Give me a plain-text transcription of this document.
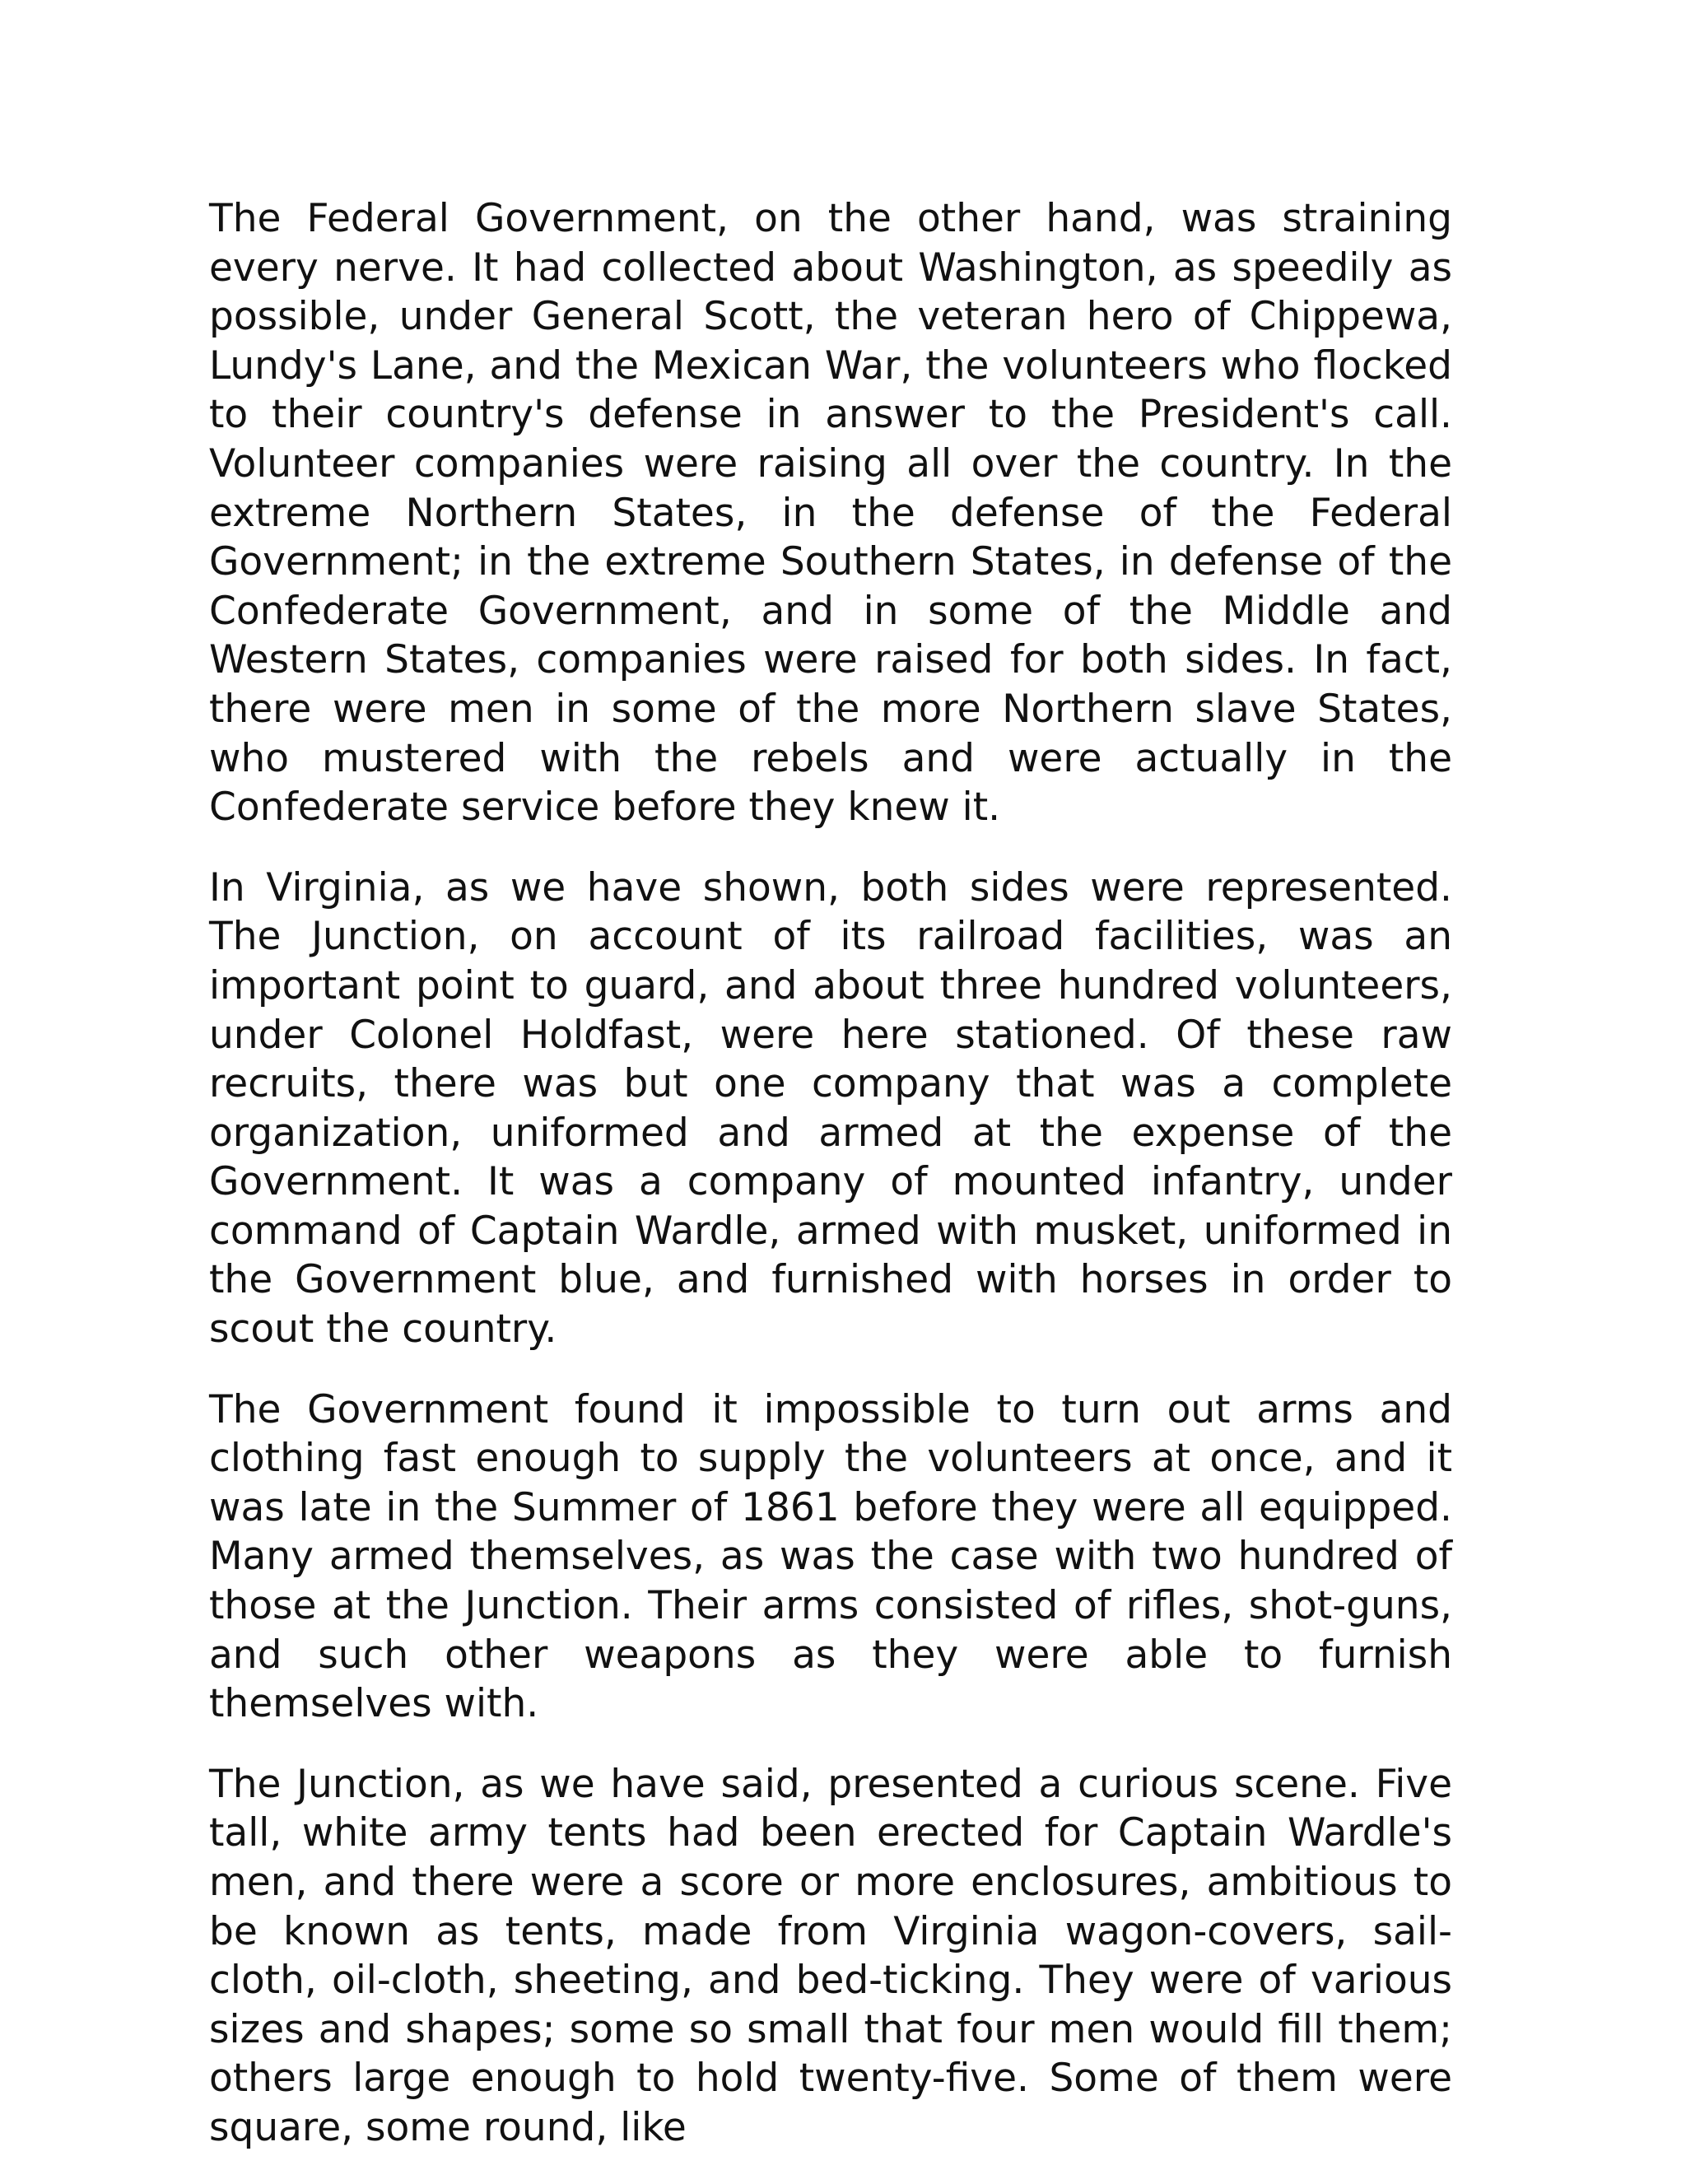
The Federal Government, on the other hand, was straining every nerve. It had collected about Washington, as speedily as possible, under General Scott, the veteran hero of Chippewa, Lundy's Lane, and the Mexican War, the volunteers who flocked to their country's defense in answer to the President's call. Volunteer companies were raising all over the country. In the extreme Northern States, in the defense of the Federal Government; in the extreme Southern States, in defense of the Confederate Government, and in some of the Middle and Western States, companies were raised for both sides. In fact, there were men in some of the more Northern slave States, who mustered with the rebels and were actually in the Confederate service before they knew it.

In Virginia, as we have shown, both sides were represented. The Junction, on account of its railroad facilities, was an important point to guard, and about three hundred volunteers, under Colonel Holdfast, were here stationed. Of these raw recruits, there was but one company that was a complete organization, uniformed and armed at the expense of the Government. It was a company of mounted infantry, under command of Captain Wardle, armed with musket, uniformed in the Government blue, and furnished with horses in order to scout the country.

The Government found it impossible to turn out arms and clothing fast enough to supply the volunteers at once, and it was late in the Summer of 1861 before they were all equipped. Many armed themselves, as was the case with two hundred of those at the Junction. Their arms consisted of rifles, shot-guns, and such other weapons as they were able to furnish themselves with.

The Junction, as we have said, presented a curious scene. Five tall, white army tents had been erected for Captain Wardle's men, and there were a score or more enclosures, ambitious to be known as tents, made from Virginia wagon-covers, sail-cloth, oil-cloth, sheeting, and bed-ticking. They were of various sizes and shapes; some so small that four men would fill them; others large enough to hold twenty-five. Some of them were square, some round, like
